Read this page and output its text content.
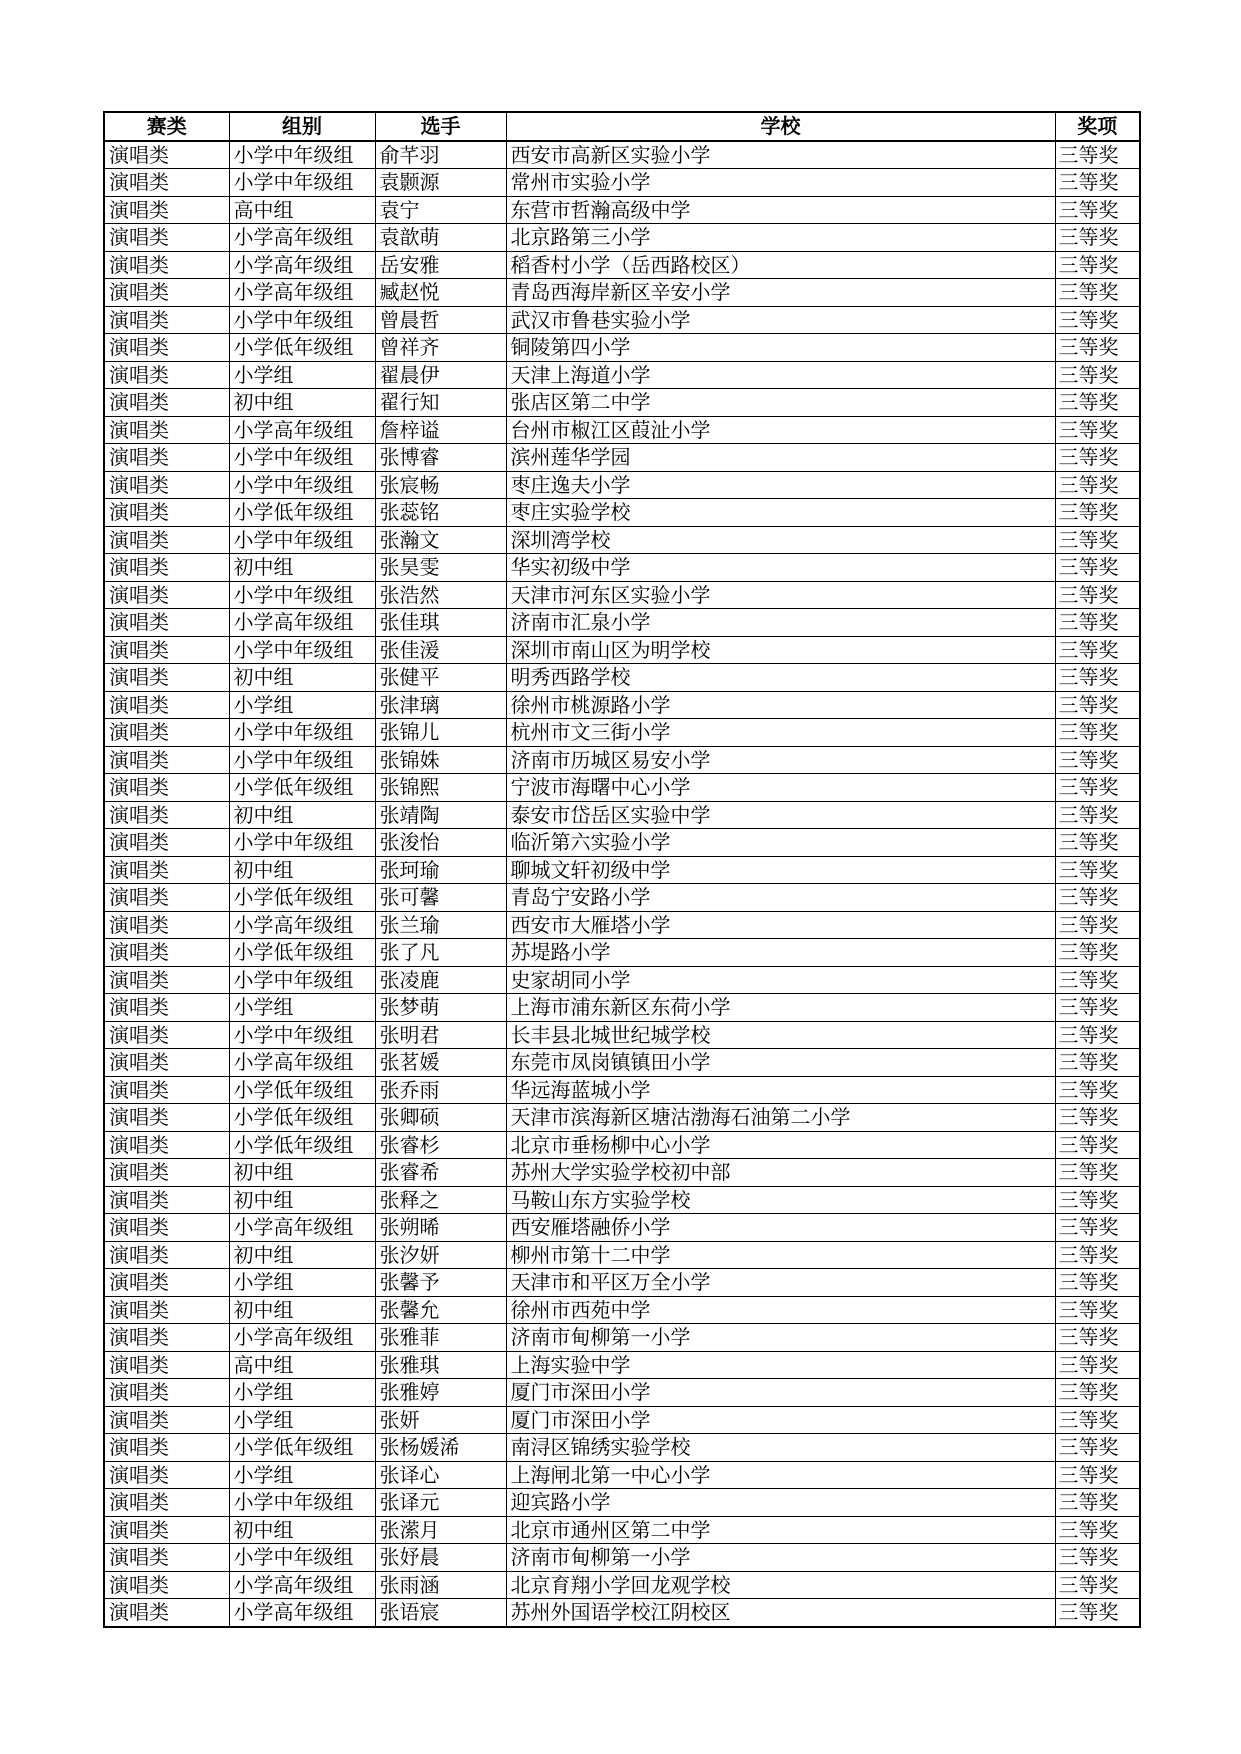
赛类	组别	选手	学校	奖项
演唱类	小学中年级组	俞芊羽	西安市高新区实验小学	三等奖
演唱类	小学中年级组	袁颢源	常州市实验小学	三等奖
演唱类	高中组	袁宁	东营市哲瀚高级中学	三等奖
演唱类	小学高年级组	袁歆萌	北京路第三小学	三等奖
演唱类	小学高年级组	岳安雅	稻香村小学（岳西路校区）	三等奖
演唱类	小学高年级组	臧赵悦	青岛西海岸新区辛安小学	三等奖
演唱类	小学中年级组	曾晨哲	武汉市鲁巷实验小学	三等奖
演唱类	小学低年级组	曾祥齐	铜陵第四小学	三等奖
演唱类	小学组	翟晨伊	天津上海道小学	三等奖
演唱类	初中组	翟行知	张店区第二中学	三等奖
演唱类	小学高年级组	詹梓谥	台州市椒江区葭沚小学	三等奖
演唱类	小学中年级组	张博睿	滨州莲华学园	三等奖
演唱类	小学中年级组	张宸畅	枣庄逸夫小学	三等奖
演唱类	小学低年级组	张蕊铭	枣庄实验学校	三等奖
演唱类	小学中年级组	张瀚文	深圳湾学校	三等奖
演唱类	初中组	张昊雯	华实初级中学	三等奖
演唱类	小学中年级组	张浩然	天津市河东区实验小学	三等奖
演唱类	小学高年级组	张佳琪	济南市汇泉小学	三等奖
演唱类	小学中年级组	张佳湲	深圳市南山区为明学校	三等奖
演唱类	初中组	张健平	明秀西路学校	三等奖
演唱类	小学组	张津璃	徐州市桃源路小学	三等奖
演唱类	小学中年级组	张锦儿	杭州市文三街小学	三等奖
演唱类	小学中年级组	张锦姝	济南市历城区易安小学	三等奖
演唱类	小学低年级组	张锦熙	宁波市海曙中心小学	三等奖
演唱类	初中组	张靖陶	泰安市岱岳区实验中学	三等奖
演唱类	小学中年级组	张浚怡	临沂第六实验小学	三等奖
演唱类	初中组	张珂瑜	聊城文轩初级中学	三等奖
演唱类	小学低年级组	张可馨	青岛宁安路小学	三等奖
演唱类	小学高年级组	张兰瑜	西安市大雁塔小学	三等奖
演唱类	小学低年级组	张了凡	苏堤路小学	三等奖
演唱类	小学中年级组	张凌鹿	史家胡同小学	三等奖
演唱类	小学组	张梦萌	上海市浦东新区东荷小学	三等奖
演唱类	小学中年级组	张明君	长丰县北城世纪城学校	三等奖
演唱类	小学高年级组	张茗媛	东莞市凤岗镇镇田小学	三等奖
演唱类	小学低年级组	张乔雨	华远海蓝城小学	三等奖
演唱类	小学低年级组	张卿硕	天津市滨海新区塘沽渤海石油第二小学	三等奖
演唱类	小学低年级组	张睿杉	北京市垂杨柳中心小学	三等奖
演唱类	初中组	张睿希	苏州大学实验学校初中部	三等奖
演唱类	初中组	张释之	马鞍山东方实验学校	三等奖
演唱类	小学高年级组	张朔晞	西安雁塔融侨小学	三等奖
演唱类	初中组	张汐妍	柳州市第十二中学	三等奖
演唱类	小学组	张馨予	天津市和平区万全小学	三等奖
演唱类	初中组	张馨允	徐州市西苑中学	三等奖
演唱类	小学高年级组	张雅菲	济南市甸柳第一小学	三等奖
演唱类	高中组	张雅琪	上海实验中学	三等奖
演唱类	小学组	张雅婷	厦门市深田小学	三等奖
演唱类	小学组	张妍	厦门市深田小学	三等奖
演唱类	小学低年级组	张杨媛浠	南浔区锦绣实验学校	三等奖
演唱类	小学组	张译心	上海闸北第一中心小学	三等奖
演唱类	小学中年级组	张译元	迎宾路小学	三等奖
演唱类	初中组	张潆月	北京市通州区第二中学	三等奖
演唱类	小学中年级组	张妤晨	济南市甸柳第一小学	三等奖
演唱类	小学高年级组	张雨涵	北京育翔小学回龙观学校	三等奖
演唱类	小学高年级组	张语宸	苏州外国语学校江阴校区	三等奖
